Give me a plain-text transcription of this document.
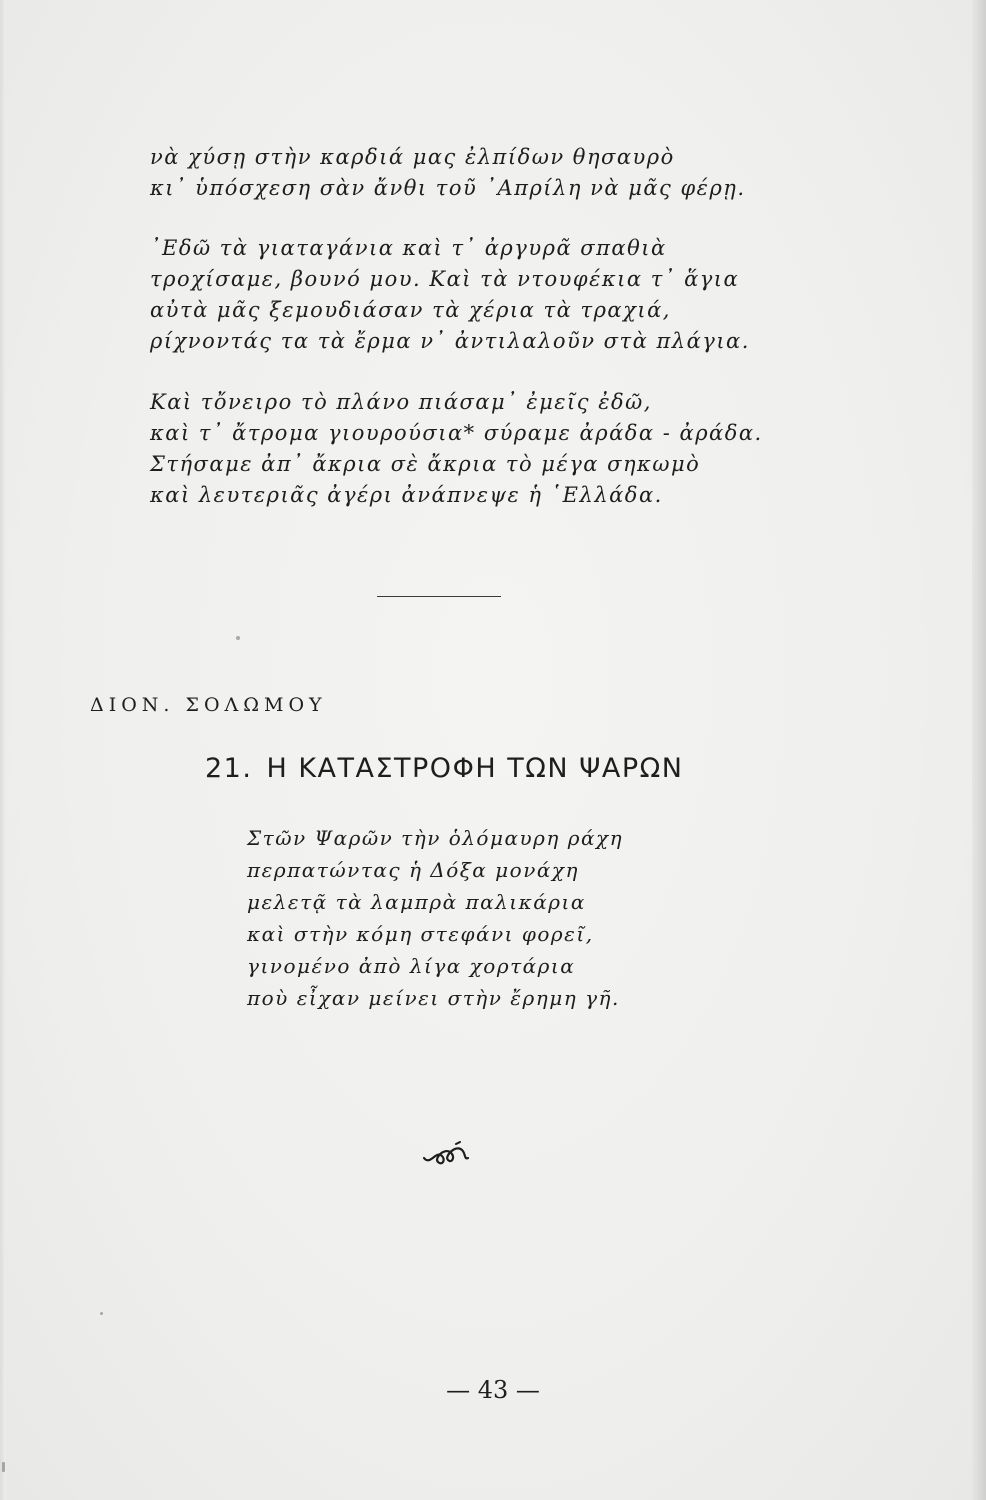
νὰ χύσῃ στὴν καρδιά μας ἐλπίδων θησαυρὸ
κι᾿ ὑπόσχεση σὰν ἄνθι τοῦ ᾿Απρίλη νὰ μᾶς φέρῃ.
᾿Εδῶ τὰ γιαταγάνια καὶ τ᾿ ἀργυρᾶ σπαθιὰ
τροχίσαμε, βουνό μου. Καὶ τὰ ντουφέκια τ᾿ ἅγια
αὐτὰ μᾶς ξεμουδιάσαν τὰ χέρια τὰ τραχιά,
ρίχνοντάς τα τὰ ἔρμα ν᾿ ἀντιλαλοῦν στὰ πλάγια.
Καὶ τὄνειρο τὸ πλάνο πιάσαμ᾿ ἐμεῖς ἐδῶ,
καὶ τ᾿ ἄτρομα γιουρούσια* σύραμε ἀράδα - ἀράδα.
Στήσαμε ἀπ᾿ ἄκρια σὲ ἄκρια τὸ μέγα σηκωμὸ
καὶ λευτεριᾶς ἀγέρι ἀνάπνεψε ἡ ῾Ελλάδα.
ΔΙΟΝ. ΣΟΛΩΜΟΥ
21. Η ΚΑΤΑΣΤΡΟΦΗ ΤΩΝ ΨΑΡΩΝ
Στῶν Ψαρῶν τὴν ὁλόμαυρη ράχη
περπατώντας ἡ Δόξα μονάχη
μελετᾷ τὰ λαμπρὰ παλικάρια
καὶ στὴν κόμη στεφάνι φορεῖ,
γινομένο ἀπὸ λίγα χορτάρια
ποὺ εἶχαν μείνει στὴν ἔρημη γῆ.
— 43 —
